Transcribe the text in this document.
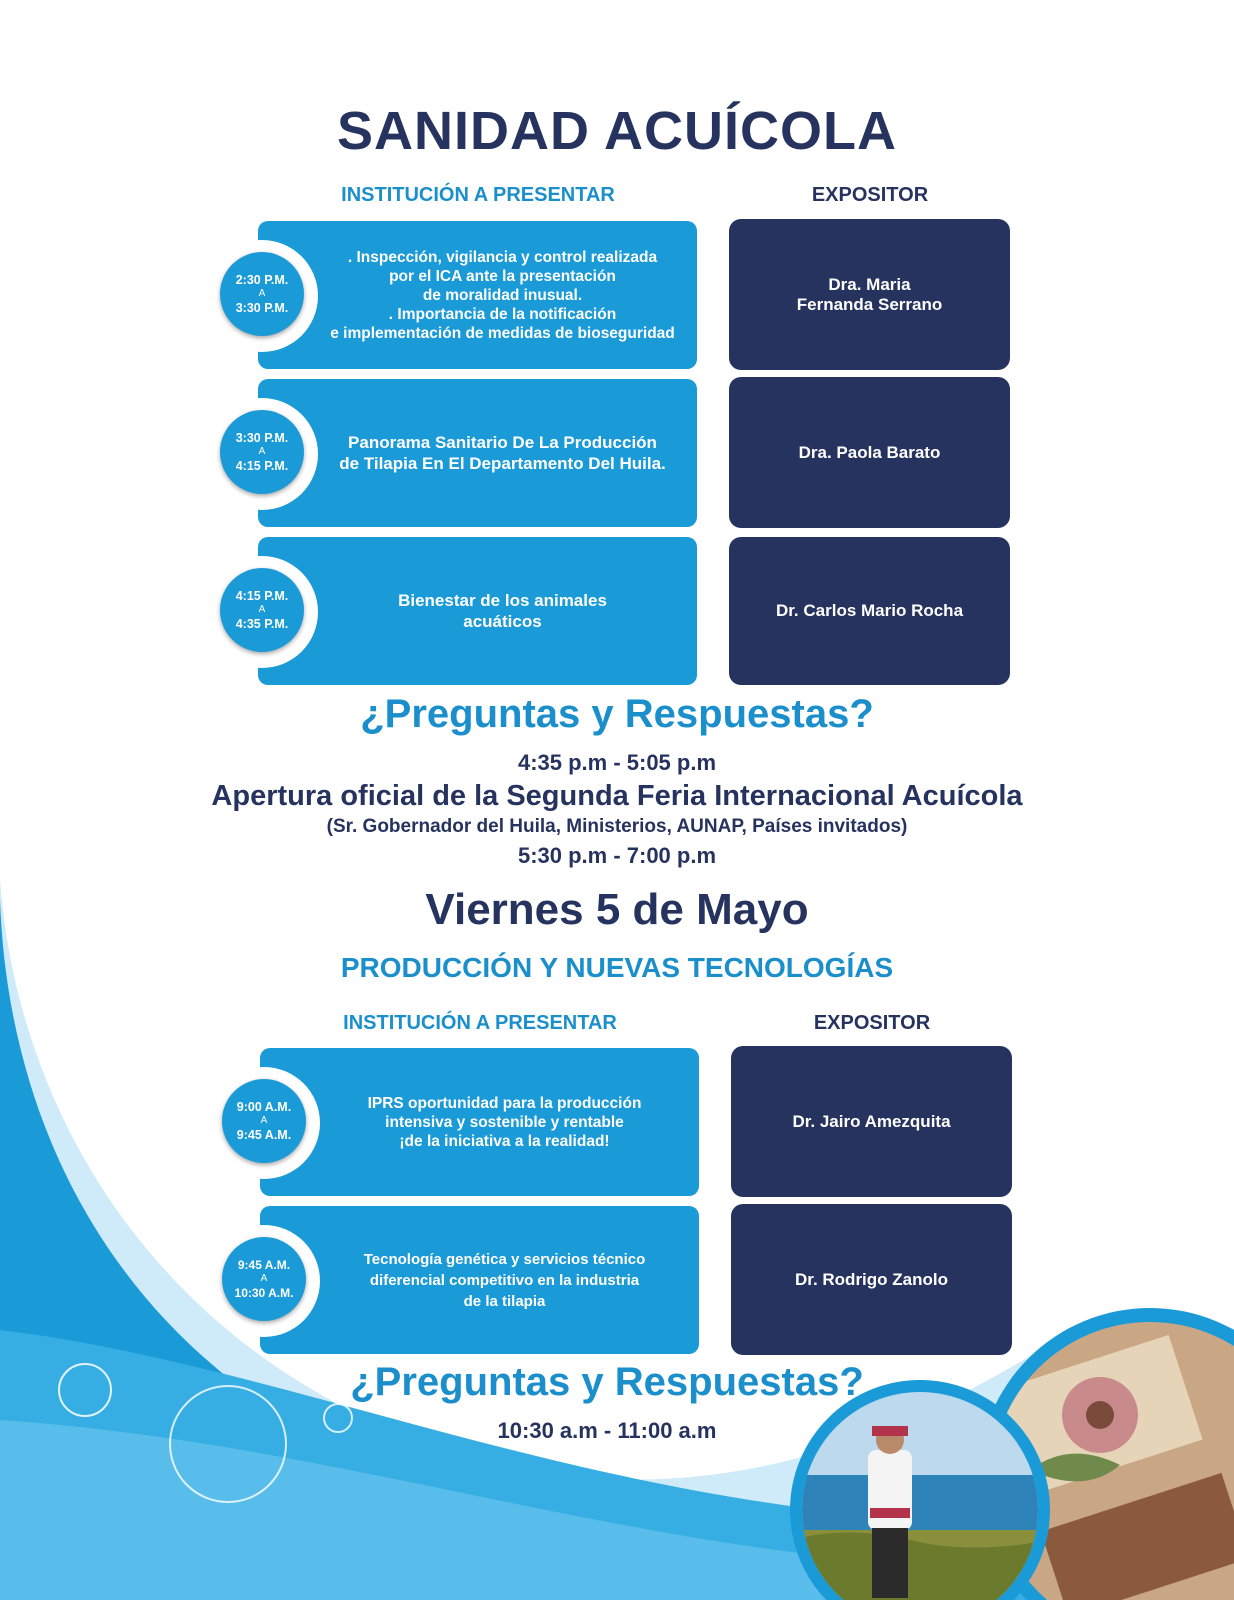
SANIDAD ACUÍCOLA
INSTITUCIÓN A PRESENTAR	EXPOSITOR
. Inspección, vigilancia y control realizada
por el ICA ante la presentación
de moralidad inusual.
. Importancia de la notificación
e implementación de medidas de bioseguridad
2:30 P.M.
A
3:30 P.M.
Dra. Maria
Fernanda Serrano
Panorama Sanitario De La Producción
de Tilapia En El Departamento Del Huila.
3:30 P.M.
A
4:15 P.M.
Dra. Paola Barato
Bienestar de los animales
acuáticos
4:15 P.M.
A
4:35 P.M.
Dr. Carlos Mario Rocha
¿Preguntas y Respuestas?
4:35 p.m - 5:05 p.m
Apertura oficial de la Segunda Feria Internacional Acuícola
(Sr. Gobernador del Huila, Ministerios, AUNAP, Países invitados)
5:30 p.m - 7:00 p.m
Viernes 5 de Mayo
PRODUCCIÓN Y NUEVAS TECNOLOGÍAS
INSTITUCIÓN A PRESENTAR	EXPOSITOR
IPRS oportunidad para la producción
intensiva y sostenible y rentable
¡de la iniciativa a la realidad!
9:00 A.M.
A
9:45 A.M.
Dr. Jairo Amezquita
Tecnología genética y servicios técnico
diferencial competitivo en la industria
de la tilapia
9:45 A.M.
A
10:30 A.M.
Dr. Rodrigo Zanolo
¿Preguntas y Respuestas?
10:30 a.m - 11:00 a.m
